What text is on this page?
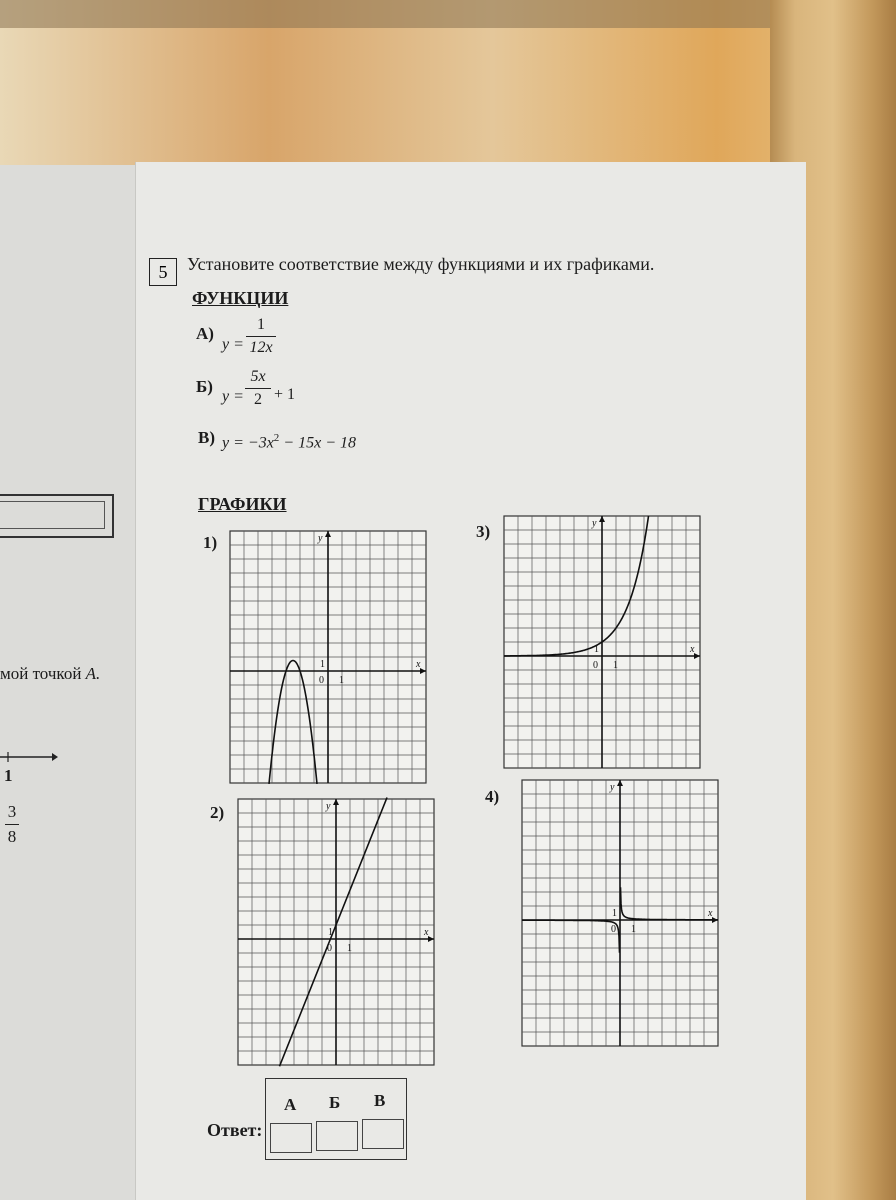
мой точкой A.
1
3
8
5	Установите соответствие между функциями и их графиками.
ФУНКЦИИ
А)
y =
1
12x
Б)
y =
5x
2 + 1
В) $y = -3x^2 - 15x - 18$
ГРАФИКИ
1)
2)
3)
4)
x
y
0 1
1
x
y
0 1
1
x
y
0 1
1
x
y
0 1
1
Ответ:
А Б В
